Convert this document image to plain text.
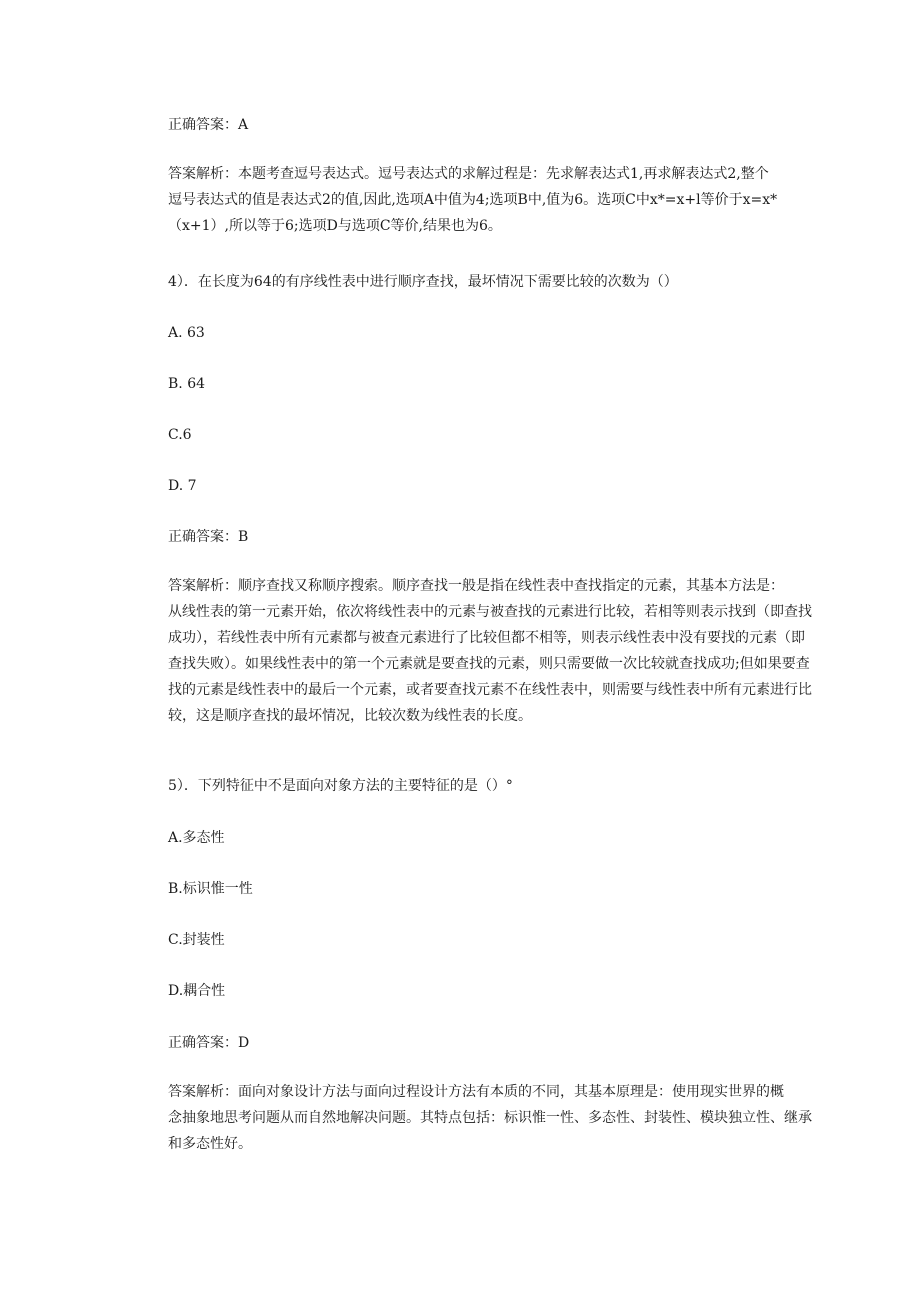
正确答案：A
答案解析：本题考查逗号表达式。逗号表达式的求解过程是：先求解表达式1,再求解表达式2,整个
逗号表达式的值是表达式2的值,因此,选项A中值为4;选项B中,值为6。选项C中x*=x+l等价于x=x*
（x+1）,所以等于6;选项D与选项C等价,结果也为6。
4）．在长度为64的有序线性表中进行顺序查找，最坏情况下需要比较的次数为（）
A. 63
B. 64
C.6
D. 7
正确答案：B
答案解析：顺序查找又称顺序搜索。顺序查找一般是指在线性表中查找指定的元素，其基本方法是：
从线性表的第一元素开始，依次将线性表中的元素与被查找的元素进行比较，若相等则表示找到（即查找
成功），若线性表中所有元素都与被查元素进行了比较但都不相等，则表示线性表中没有要找的元素（即
查找失败）。如果线性表中的第一个元素就是要查找的元素，则只需要做一次比较就查找成功;但如果要查
找的元素是线性表中的最后一个元素，或者要查找元素不在线性表中，则需要与线性表中所有元素进行比
较，这是顺序查找的最坏情况，比较次数为线性表的长度。
5）．下列特征中不是面向对象方法的主要特征的是（）°
A.多态性
B.标识惟一性
C.封装性
D.耦合性
正确答案：D
答案解析：面向对象设计方法与面向过程设计方法有本质的不同，其基本原理是：使用现实世界的概
念抽象地思考问题从而自然地解决问题。其特点包括：标识惟一性、多态性、封装性、模块独立性、继承
和多态性好。
